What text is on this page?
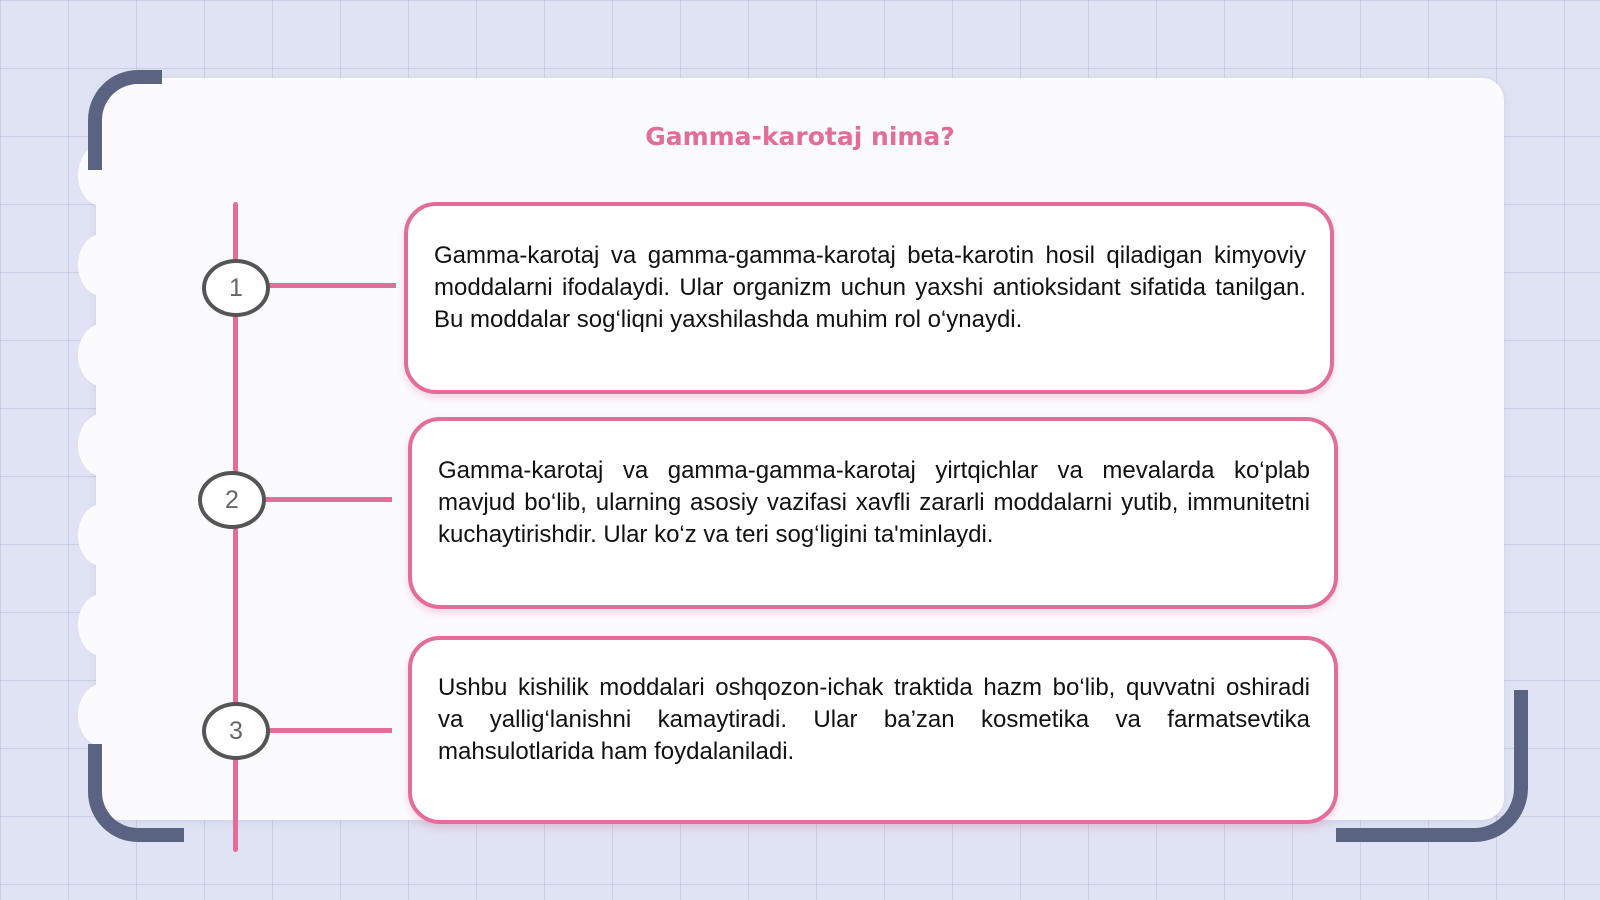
Gamma-karotaj nima?
1
2
3

Gamma-karotaj va gamma-gamma-karotaj beta-karotin hosil qiladigan kimyoviy moddalarni ifodalaydi. Ular organizm uchun yaxshi antioksidant sifatida tanilgan. Bu moddalar sog‘liqni yaxshilashda muhim rol o‘ynaydi.

Gamma-karotaj va gamma-gamma-karotaj yirtqichlar va mevalarda ko‘plab mavjud bo‘lib, ularning asosiy vazifasi xavfli zararli moddalarni yutib, immunitetni kuchaytirishdir. Ular ko‘z va teri sog‘ligini ta'minlaydi.

Ushbu kishilik moddalari oshqozon-ichak traktida hazm bo‘lib, quvvatni oshiradi va yallig‘lanishni kamaytiradi. Ular ba’zan kosmetika va farmatsevtika mahsulotlarida ham foydalaniladi.
